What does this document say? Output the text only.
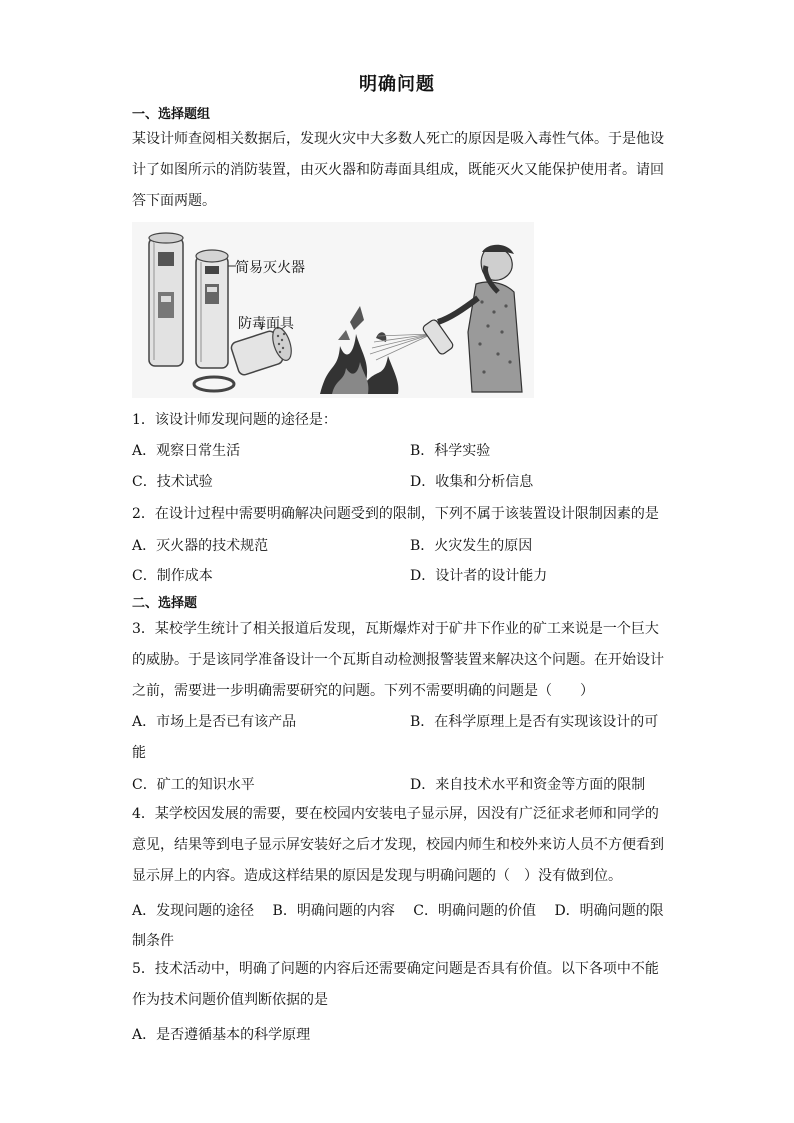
明确问题
一、选择题组

某设计师查阅相关数据后，发现火灾中大多数人死亡的原因是吸入毒性气体。于是他设

计了如图所示的消防装置，由灭火器和防毒面具组成，既能灭火又能保护使用者。请回

答下面两题。

简易灭火器
防毒面具
1．该设计师发现问题的途径是：
A．观察日常生活	B．科学实验
C．技术试验	D．收集和分析信息
2．在设计过程中需要明确解决问题受到的限制，下列不属于该装置设计限制因素的是
A．灭火器的技术规范	B．火灾发生的原因
C．制作成本	D．设计者的设计能力
二、选择题

3．某校学生统计了相关报道后发现，瓦斯爆炸对于矿井下作业的矿工来说是一个巨大

的威胁。于是该同学准备设计一个瓦斯自动检测报警装置来解决这个问题。在开始设计

之前，需要进一步明确需要研究的问题。下列不需要明确的问题是（　　）

A．市场上是否已有该产品	B．在科学原理上是否有实现该设计的可
能
C．矿工的知识水平	D．来自技术水平和资金等方面的限制

4．某学校因发展的需要，要在校园内安装电子显示屏，因没有广泛征求老师和同学的

意见，结果等到电子显示屏安装好之后才发现，校园内师生和校外来访人员不方便看到

显示屏上的内容。造成这样结果的原因是发现与明确问题的（　）没有做到位。

A．发现问题的途径　 B．明确问题的内容　 C．明确问题的价值　 D．明确问题的限
制条件

5．技术活动中，明确了问题的内容后还需要确定问题是否具有价值。以下各项中不能

作为技术问题价值判断依据的是

A．是否遵循基本的科学原理
